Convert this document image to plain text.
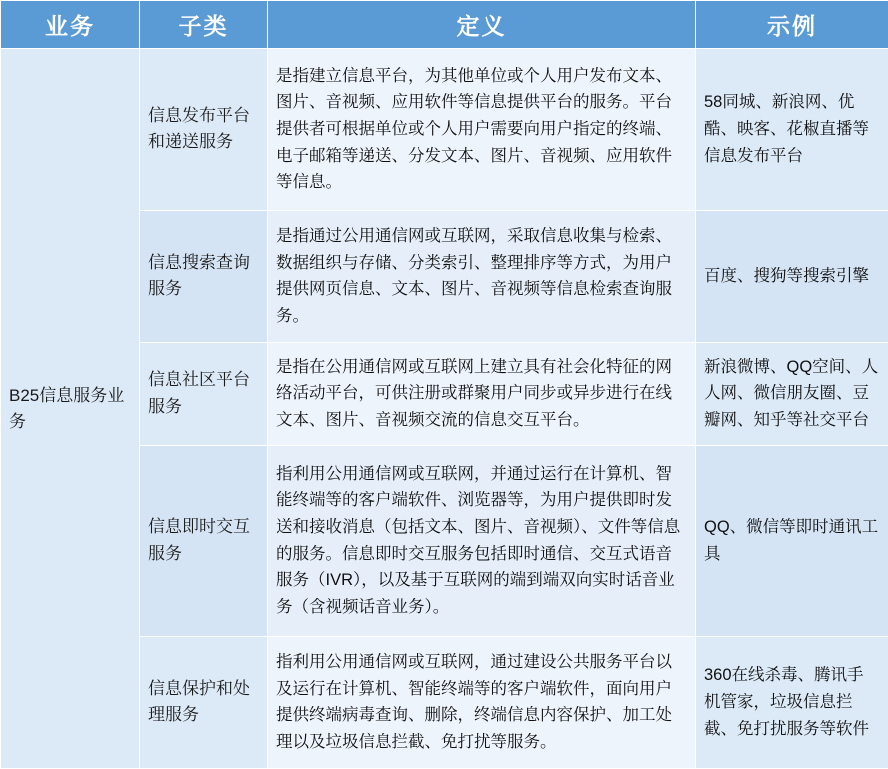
业务	子类	定义	示例

B25信息服务业务	信息发布平台和递送服务	是指建立信息平台，为其他单位或个人用户发布文本、图片、音视频、应用软件等信息提供平台的服务。平台提供者可根据单位或个人用户需要向用户指定的终端、电子邮箱等递送、分发文本、图片、音视频、应用软件等信息。	58同城、新浪网、优酷、映客、花椒直播等信息发布平台

	信息搜索查询服务	是指通过公用通信网或互联网，采取信息收集与检索、数据组织与存储、分类索引、整理排序等方式，为用户提供网页信息、文本、图片、音视频等信息检索查询服务。	百度、搜狗等搜索引擎

	信息社区平台服务	是指在公用通信网或互联网上建立具有社会化特征的网络活动平台，可供注册或群聚用户同步或异步进行在线文本、图片、音视频交流的信息交互平台。	新浪微博、QQ空间、人人网、微信朋友圈、豆瓣网、知乎等社交平台

	信息即时交互服务	指利用公用通信网或互联网，并通过运行在计算机、智能终端等的客户端软件、浏览器等，为用户提供即时发送和接收消息（包括文本、图片、音视频）、文件等信息的服务。信息即时交互服务包括即时通信、交互式语音服务（IVR），以及基于互联网的端到端双向实时话音业务（含视频话音业务）。	QQ、微信等即时通讯工具

	信息保护和处理服务	指利用公用通信网或互联网，通过建设公共服务平台以及运行在计算机、智能终端等的客户端软件，面向用户提供终端病毒查询、删除，终端信息内容保护、加工处理以及垃圾信息拦截、免打扰等服务。	360在线杀毒、腾讯手机管家，垃圾信息拦截、免打扰服务等软件
